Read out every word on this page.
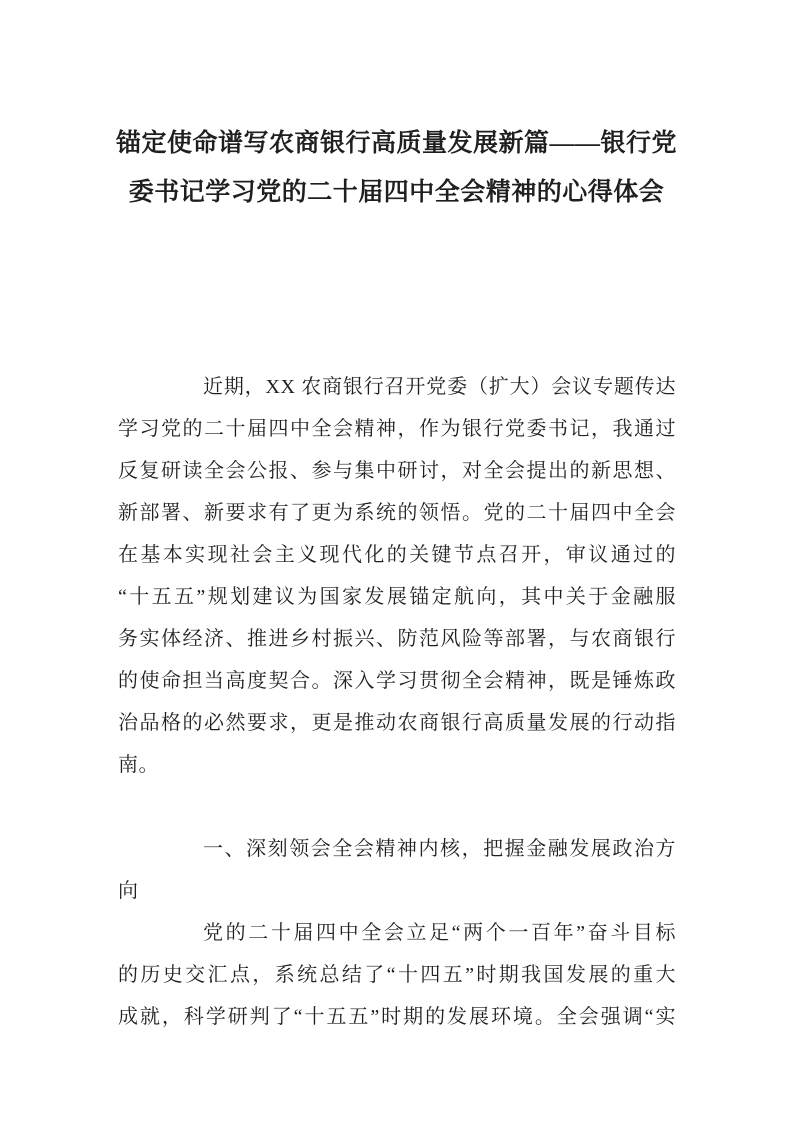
锚定使命谱写农商银行高质量发展新篇——银行党
委书记学习党的二十届四中全会精神的心得体会
近期，XX 农商银行召开党委（扩大）会议专题传达
学习党的二十届四中全会精神，作为银行党委书记，我通过
反复研读全会公报、参与集中研讨，对全会提出的新思想、
新部署、新要求有了更为系统的领悟。党的二十届四中全会
在基本实现社会主义现代化的关键节点召开，审议通过的
“十五五”规划建议为国家发展锚定航向，其中关于金融服
务实体经济、推进乡村振兴、防范风险等部署，与农商银行
的使命担当高度契合。深入学习贯彻全会精神，既是锤炼政
治品格的必然要求，更是推动农商银行高质量发展的行动指
南。
一、深刻领会全会精神内核，把握金融发展政治方
向
党的二十届四中全会立足“两个一百年”奋斗目标
的历史交汇点，系统总结了“十四五”时期我国发展的重大
成就，科学研判了“十五五”时期的发展环境。全会强调“实
